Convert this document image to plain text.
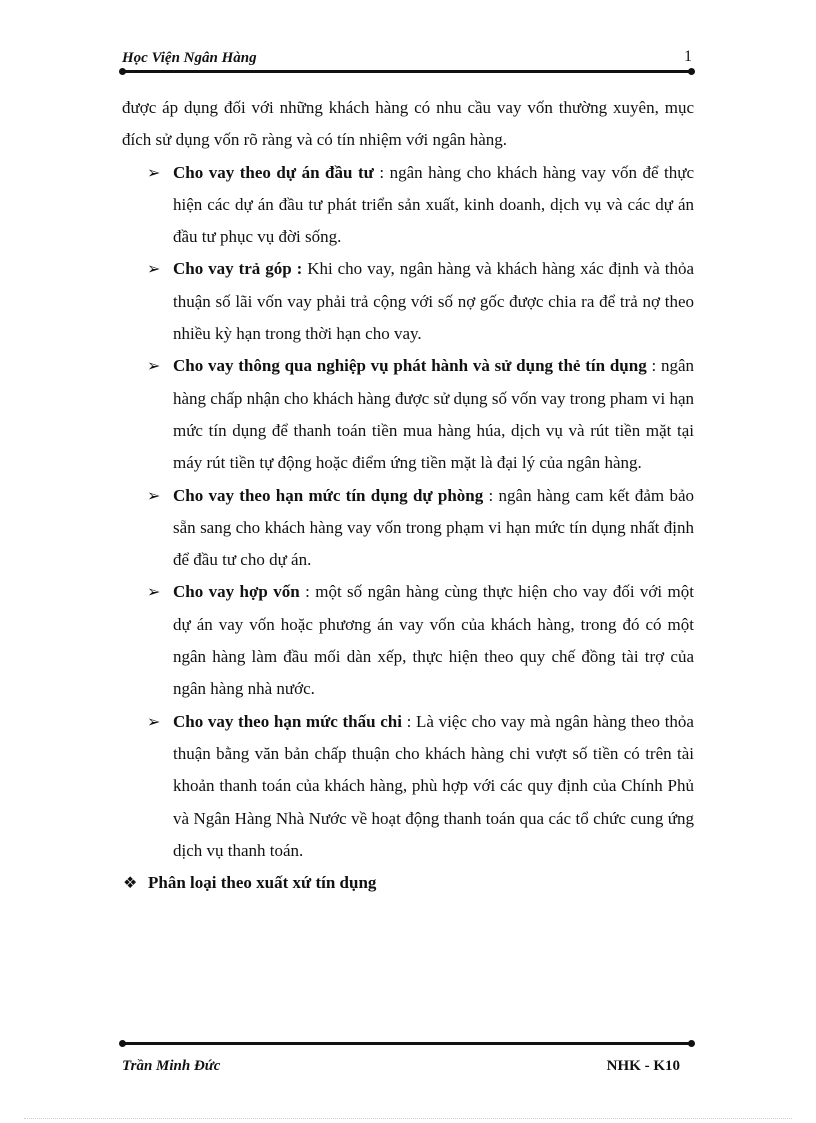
Học Viện Ngân Hàng	1

được áp dụng đối với những khách hàng có nhu cầu vay vốn thường xuyên, mục đích sử dụng vốn rõ ràng và có tín nhiệm với ngân hàng.

➢ Cho vay theo dự án đầu tư : ngân hàng cho khách hàng vay vốn để thực hiện các dự án đầu tư phát triển sản xuất, kinh doanh, dịch vụ và các dự án đầu tư phục vụ đời sống.
➢ Cho vay trả góp : Khi cho vay, ngân hàng và khách hàng xác định và thỏa thuận số lãi vốn vay phải trả cộng với số nợ gốc được chia ra để trả nợ theo nhiều kỳ hạn trong thời hạn cho vay.
➢ Cho vay thông qua nghiệp vụ phát hành và sử dụng thẻ tín dụng : ngân hàng chấp nhận cho khách hàng được sử dụng số vốn vay trong pham vi hạn mức tín dụng để thanh toán tiền mua hàng húa, dịch vụ và rút tiền mặt tại máy rút tiền tự động hoặc điểm ứng tiền mặt là đại lý của ngân hàng.
➢ Cho vay theo hạn mức tín dụng dự phòng : ngân hàng cam kết đảm bảo sẵn sang cho khách hàng vay vốn trong phạm vi hạn mức tín dụng nhất định để đầu tư cho dự án.
➢ Cho vay hợp vốn : một số ngân hàng cùng thực hiện cho vay đối với một dự án vay vốn hoặc phương án vay vốn của khách hàng, trong đó có một ngân hàng làm đầu mối dàn xếp, thực hiện theo quy chế đồng tài trợ của ngân hàng nhà nước.
➢ Cho vay theo hạn mức thấu chi : Là việc cho vay mà ngân hàng theo thỏa thuận bằng văn bản chấp thuận cho khách hàng chi vượt số tiền có trên tài khoản thanh toán của khách hàng, phù hợp với các quy định của Chính Phủ và Ngân Hàng Nhà Nước về hoạt động thanh toán qua các tổ chức cung ứng dịch vụ thanh toán.

❖ Phân loại theo xuất xứ tín dụng

Trần Minh Đức	NHK - K10
